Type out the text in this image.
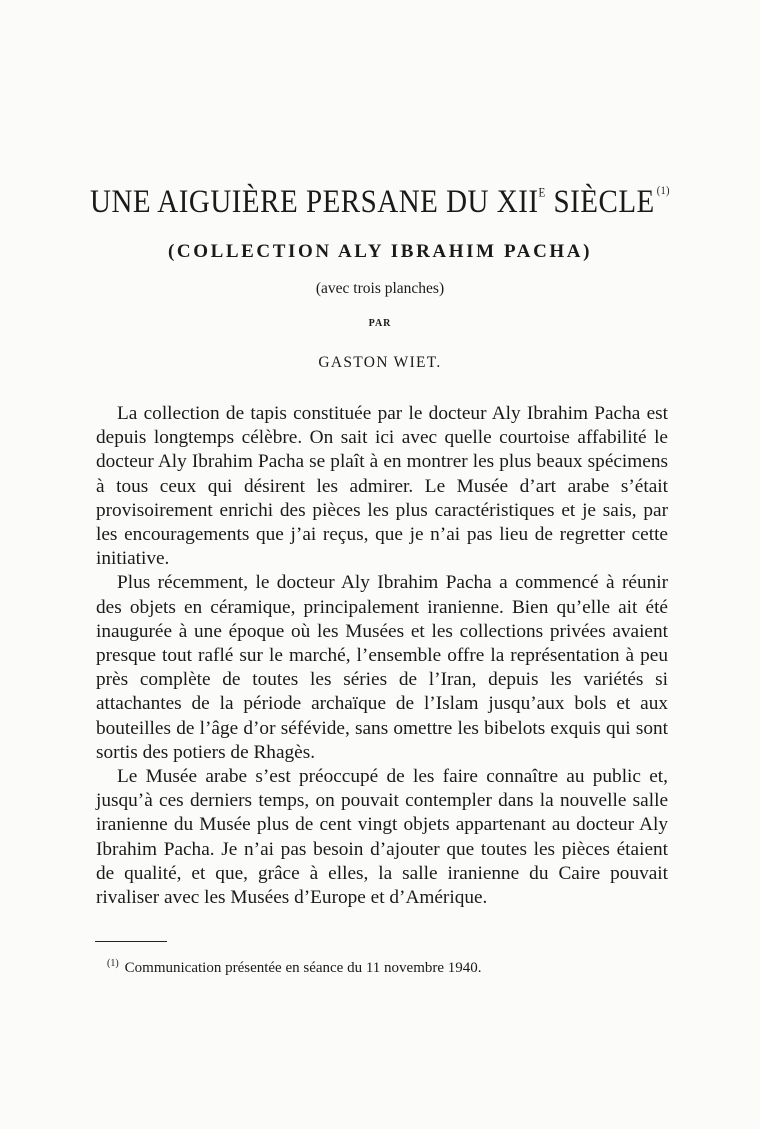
UNE AIGUIÈRE PERSANE DU $XII^E$ SIÈCLE $^{(1)}$
(COLLECTION ALY IBRAHIM PACHA)
(avec trois planches)
PAR
GASTON WIET.

La collection de tapis constituée par le docteur Aly Ibrahim Pacha est depuis longtemps célèbre. On sait ici avec quelle courtoise affabilité le docteur Aly Ibrahim Pacha se plaît à en montrer les plus beaux spécimens à tous ceux qui désirent les admirer. Le Musée d’art arabe s’était provisoirement enrichi des pièces les plus caractéristiques et je sais, par les encouragements que j’ai reçus, que je n’ai pas lieu de regretter cette initiative.

Plus récemment, le docteur Aly Ibrahim Pacha a commencé à réunir des objets en céramique, principalement iranienne. Bien qu’elle ait été inaugurée à une époque où les Musées et les collections privées avaient presque tout raflé sur le marché, l’ensemble offre la représentation à peu près complète de toutes les séries de l’Iran, depuis les variétés si attachantes de la période archaïque de l’Islam jusqu’aux bols et aux bouteilles de l’âge d’or séfévide, sans omettre les bibelots exquis qui sont sortis des potiers de Rhagès.

Le Musée arabe s’est préoccupé de les faire connaître au public et, jusqu’à ces derniers temps, on pouvait contempler dans la nouvelle salle iranienne du Musée plus de cent vingt objets appartenant au docteur Aly Ibrahim Pacha. Je n’ai pas besoin d’ajouter que toutes les pièces étaient de qualité, et que, grâce à elles, la salle iranienne du Caire pouvait rivaliser avec les Musées d’Europe et d’Amérique.

$^{(1)}$ Communication présentée en séance du 11 novembre 1940.
